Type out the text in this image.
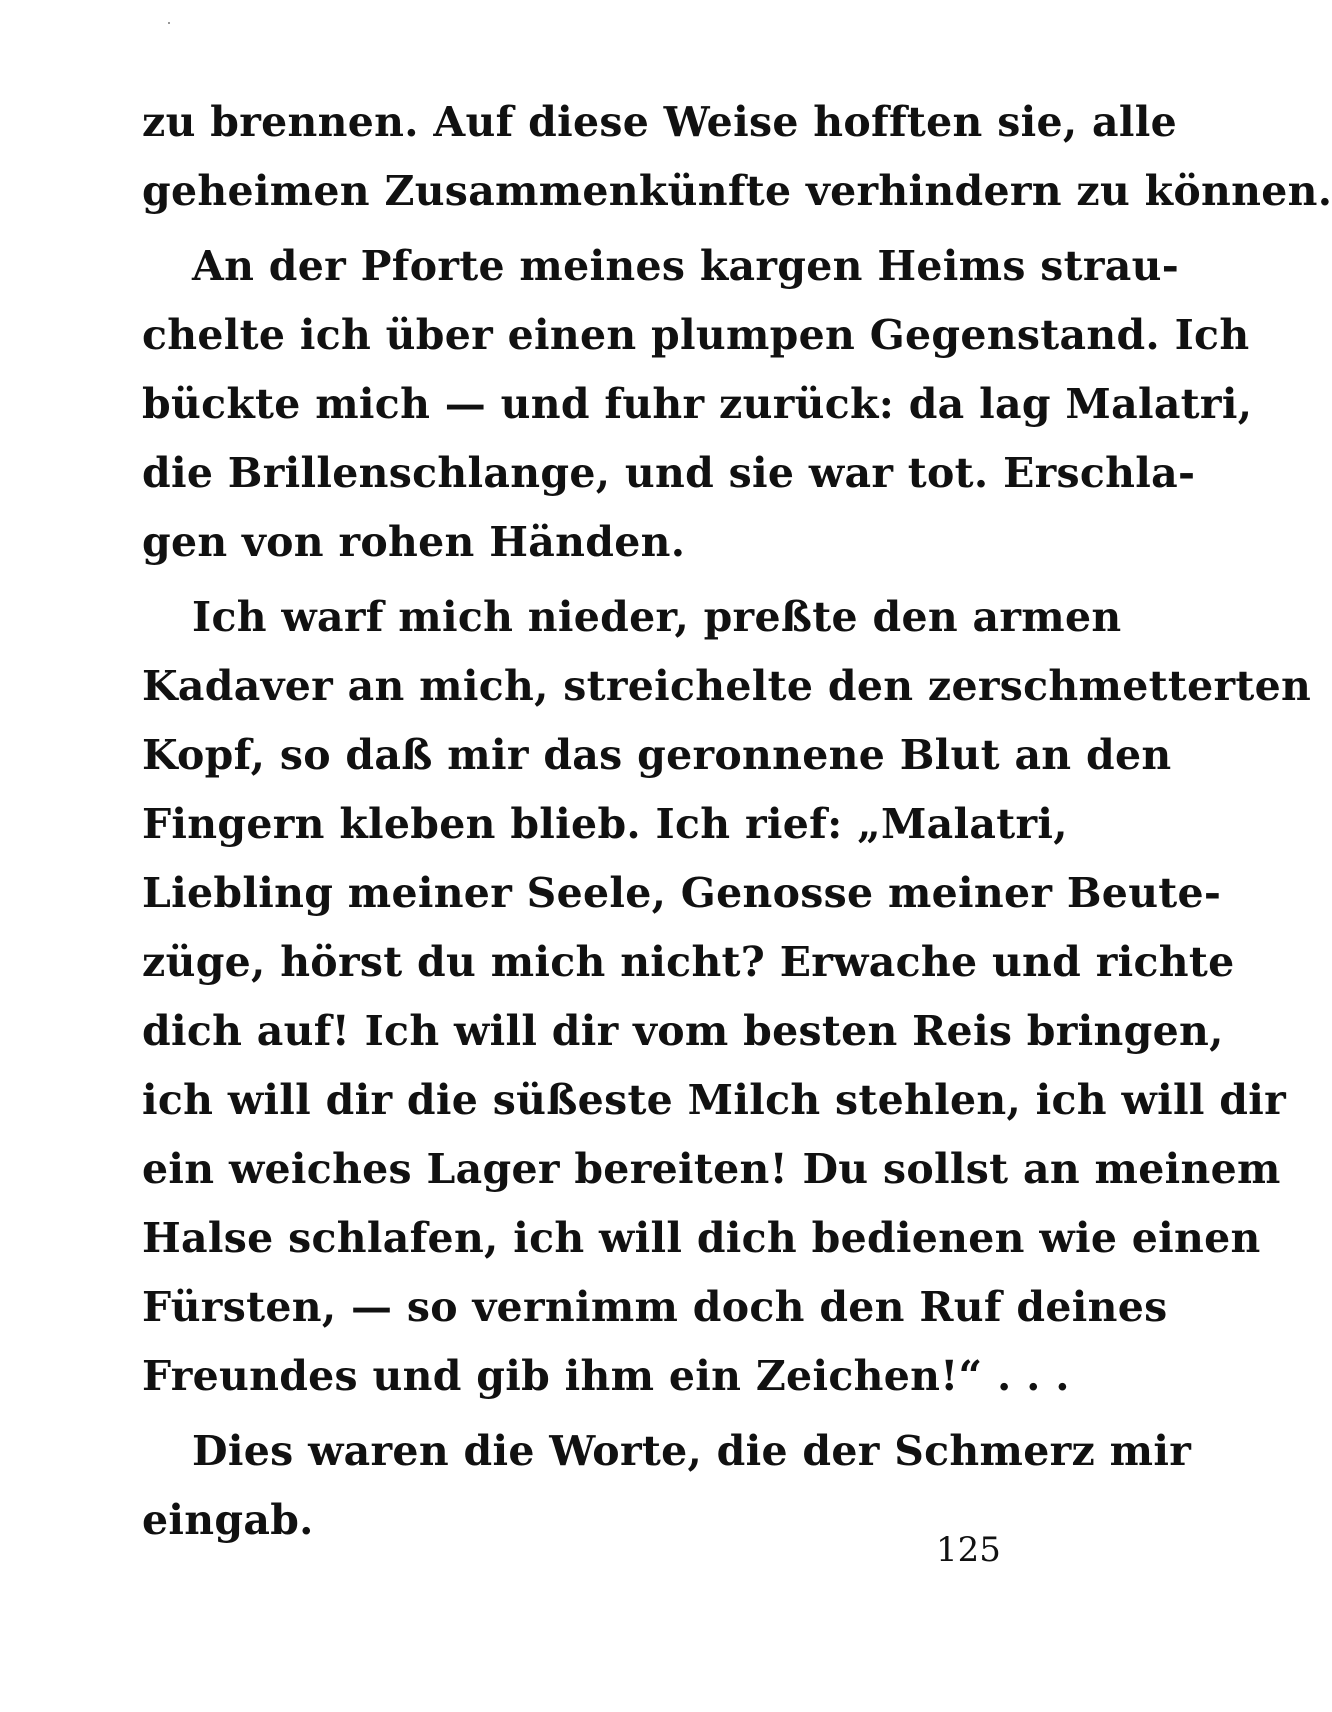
zu brennen. Auf diese Weise hofften sie, alle
geheimen Zusammenkünfte verhindern zu können.
An der Pforte meines kargen Heims strau-
chelte ich über einen plumpen Gegenstand. Ich
bückte mich — und fuhr zurück: da lag Malatri,
die Brillenschlange, und sie war tot. Erschla-
gen von rohen Händen.
Ich warf mich nieder, preßte den armen
Kadaver an mich, streichelte den zerschmetterten
Kopf, so daß mir das geronnene Blut an den
Fingern kleben blieb. Ich rief: „Malatri,
Liebling meiner Seele, Genosse meiner Beute-
züge, hörst du mich nicht? Erwache und richte
dich auf! Ich will dir vom besten Reis bringen,
ich will dir die süßeste Milch stehlen, ich will dir
ein weiches Lager bereiten! Du sollst an meinem
Halse schlafen, ich will dich bedienen wie einen
Fürsten, — so vernimm doch den Ruf deines
Freundes und gib ihm ein Zeichen!“ . . .
Dies waren die Worte, die der Schmerz mir
eingab.
125
